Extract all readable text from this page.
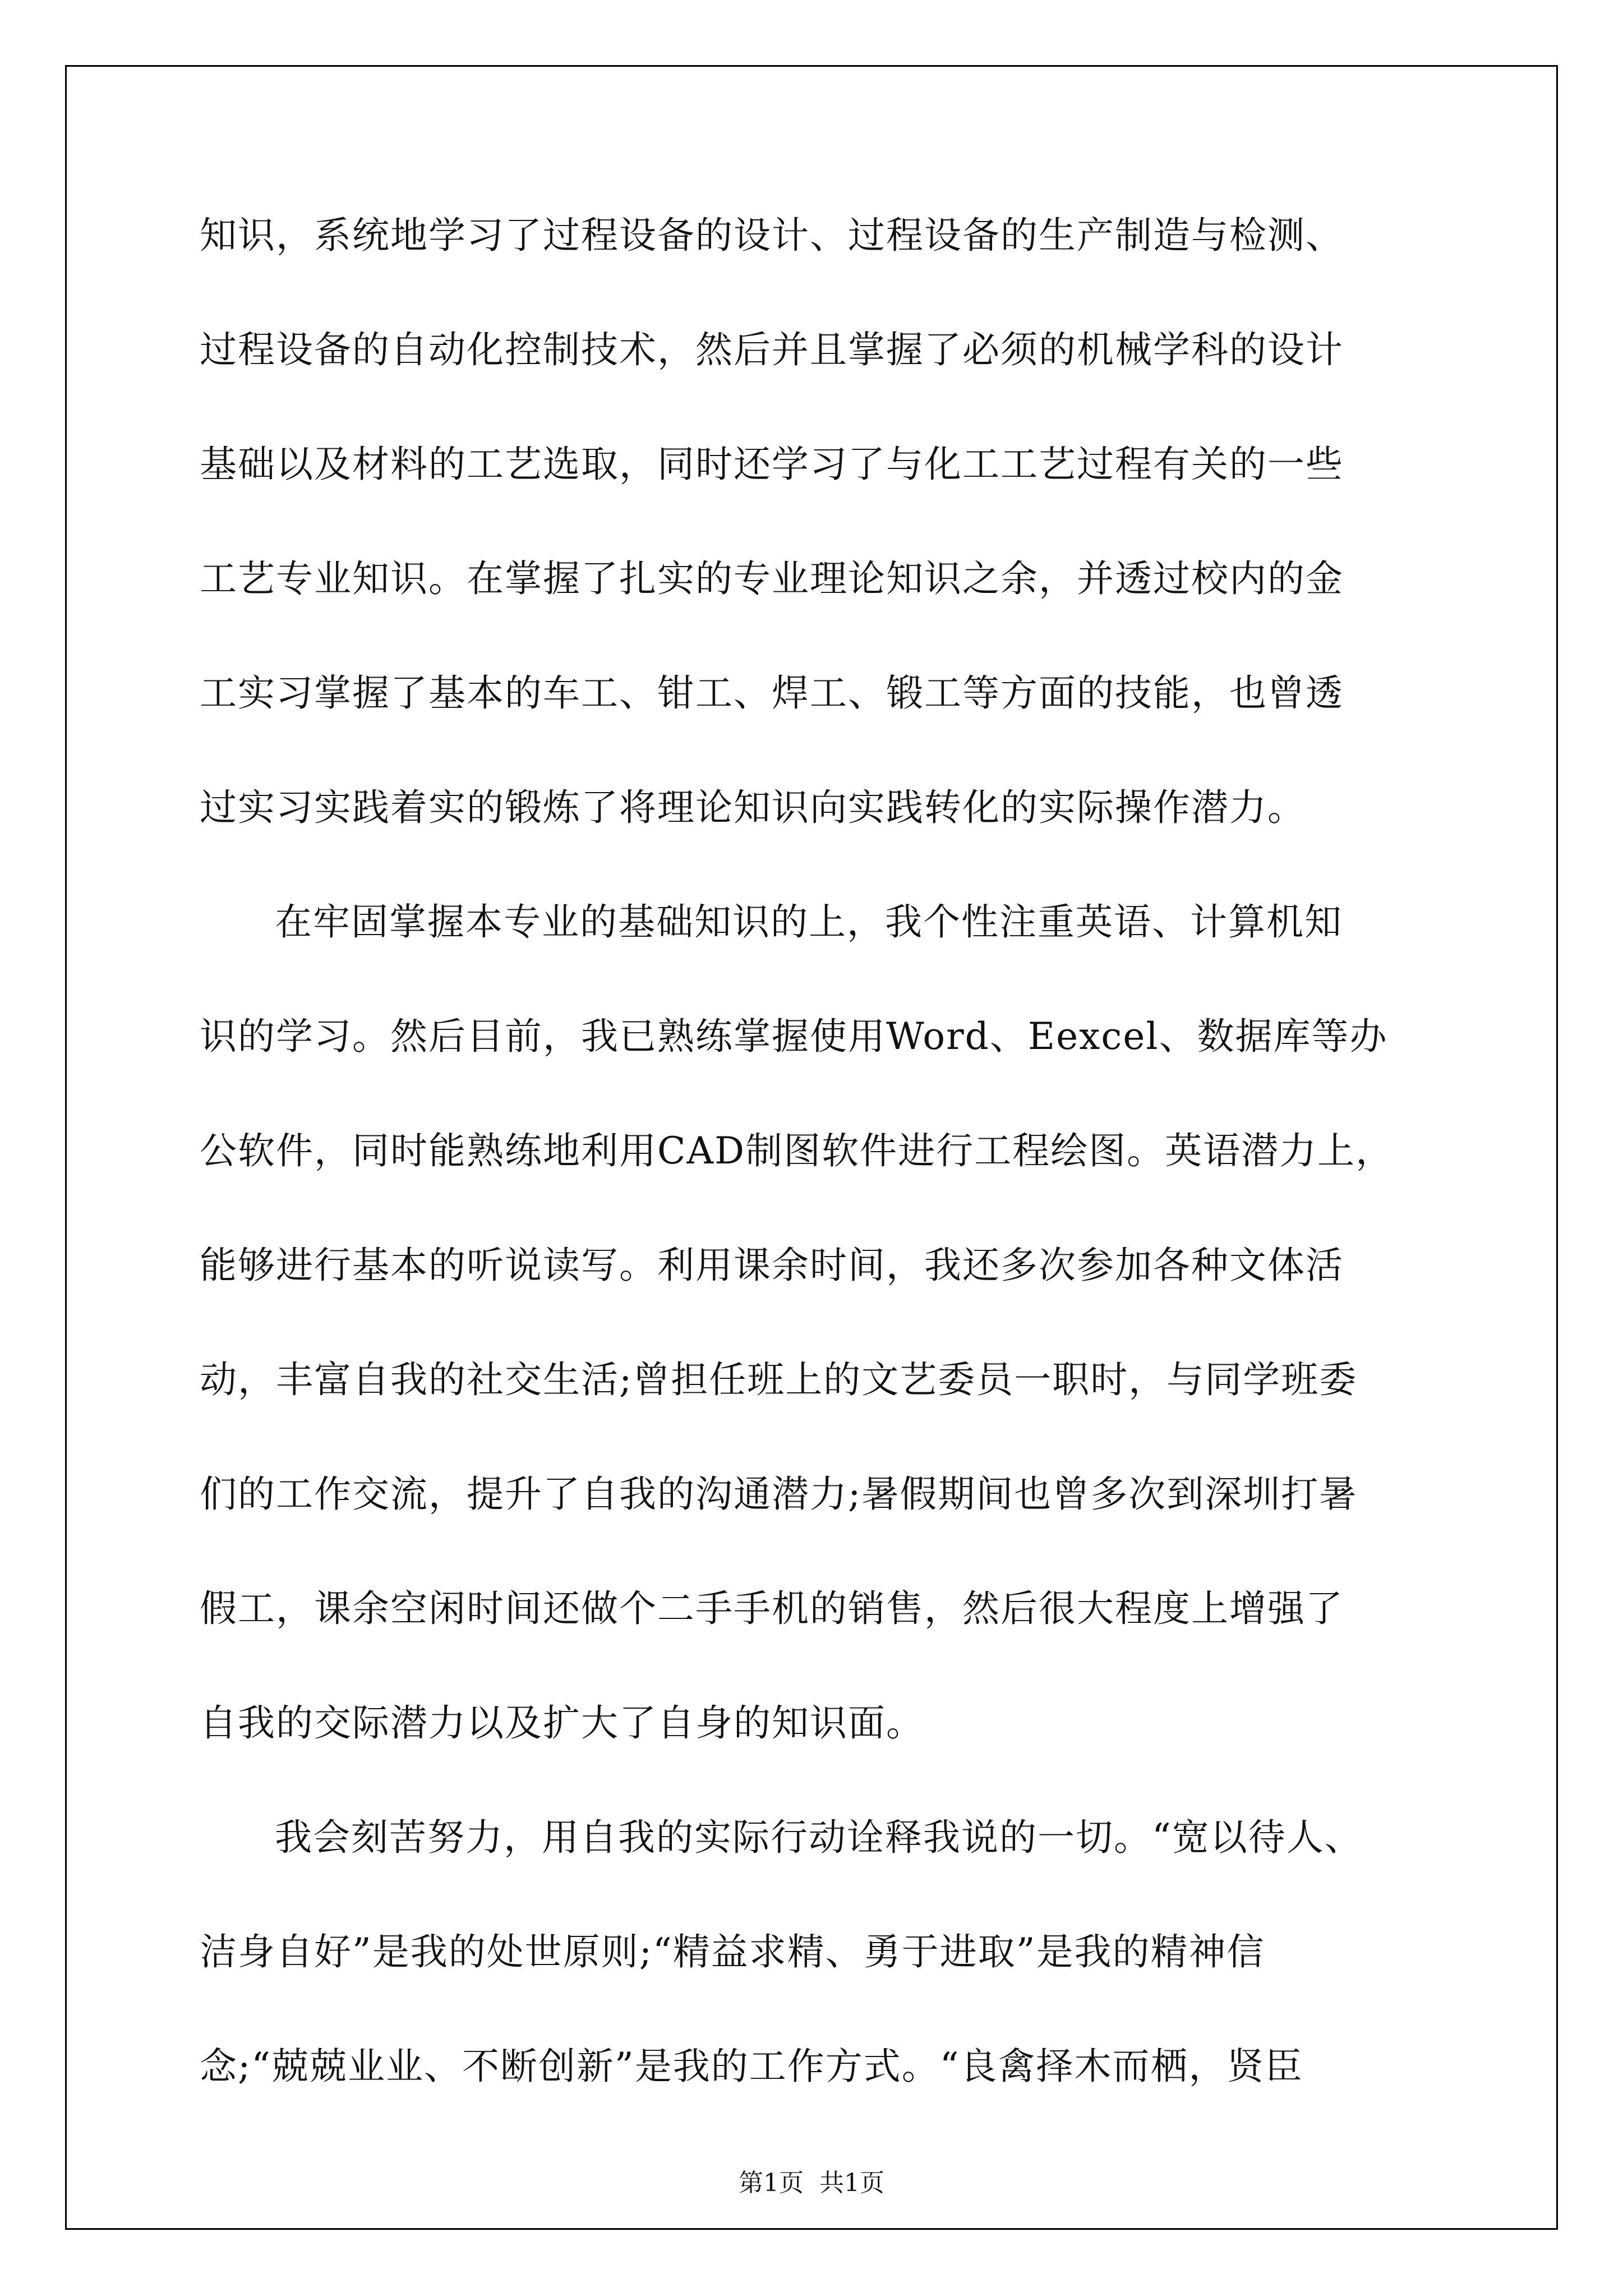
知识，系统地学习了过程设备的设计、过程设备的生产制造与检测、
过程设备的自动化控制技术，然后并且掌握了必须的机械学科的设计
基础以及材料的工艺选取，同时还学习了与化工工艺过程有关的一些
工艺专业知识。在掌握了扎实的专业理论知识之余，并透过校内的金
工实习掌握了基本的车工、钳工、焊工、锻工等方面的技能，也曾透
过实习实践着实的锻炼了将理论知识向实践转化的实际操作潜力。
在牢固掌握本专业的基础知识的上，我个性注重英语、计算机知
识的学习。然后目前，我已熟练掌握使用Word、Eexcel、数据库等办
公软件，同时能熟练地利用CAD制图软件进行工程绘图。英语潜力上，
能够进行基本的听说读写。利用课余时间，我还多次参加各种文体活
动，丰富自我的社交生活;曾担任班上的文艺委员一职时，与同学班委
们的工作交流，提升了自我的沟通潜力;暑假期间也曾多次到深圳打暑
假工，课余空闲时间还做个二手手机的销售，然后很大程度上增强了
自我的交际潜力以及扩大了自身的知识面。
我会刻苦努力，用自我的实际行动诠释我说的一切。“宽以待人、
洁身自好”是我的处世原则;“精益求精、勇于进取”是我的精神信
念;“兢兢业业、不断创新”是我的工作方式。“良禽择木而栖，贤臣
第1页 共1页
